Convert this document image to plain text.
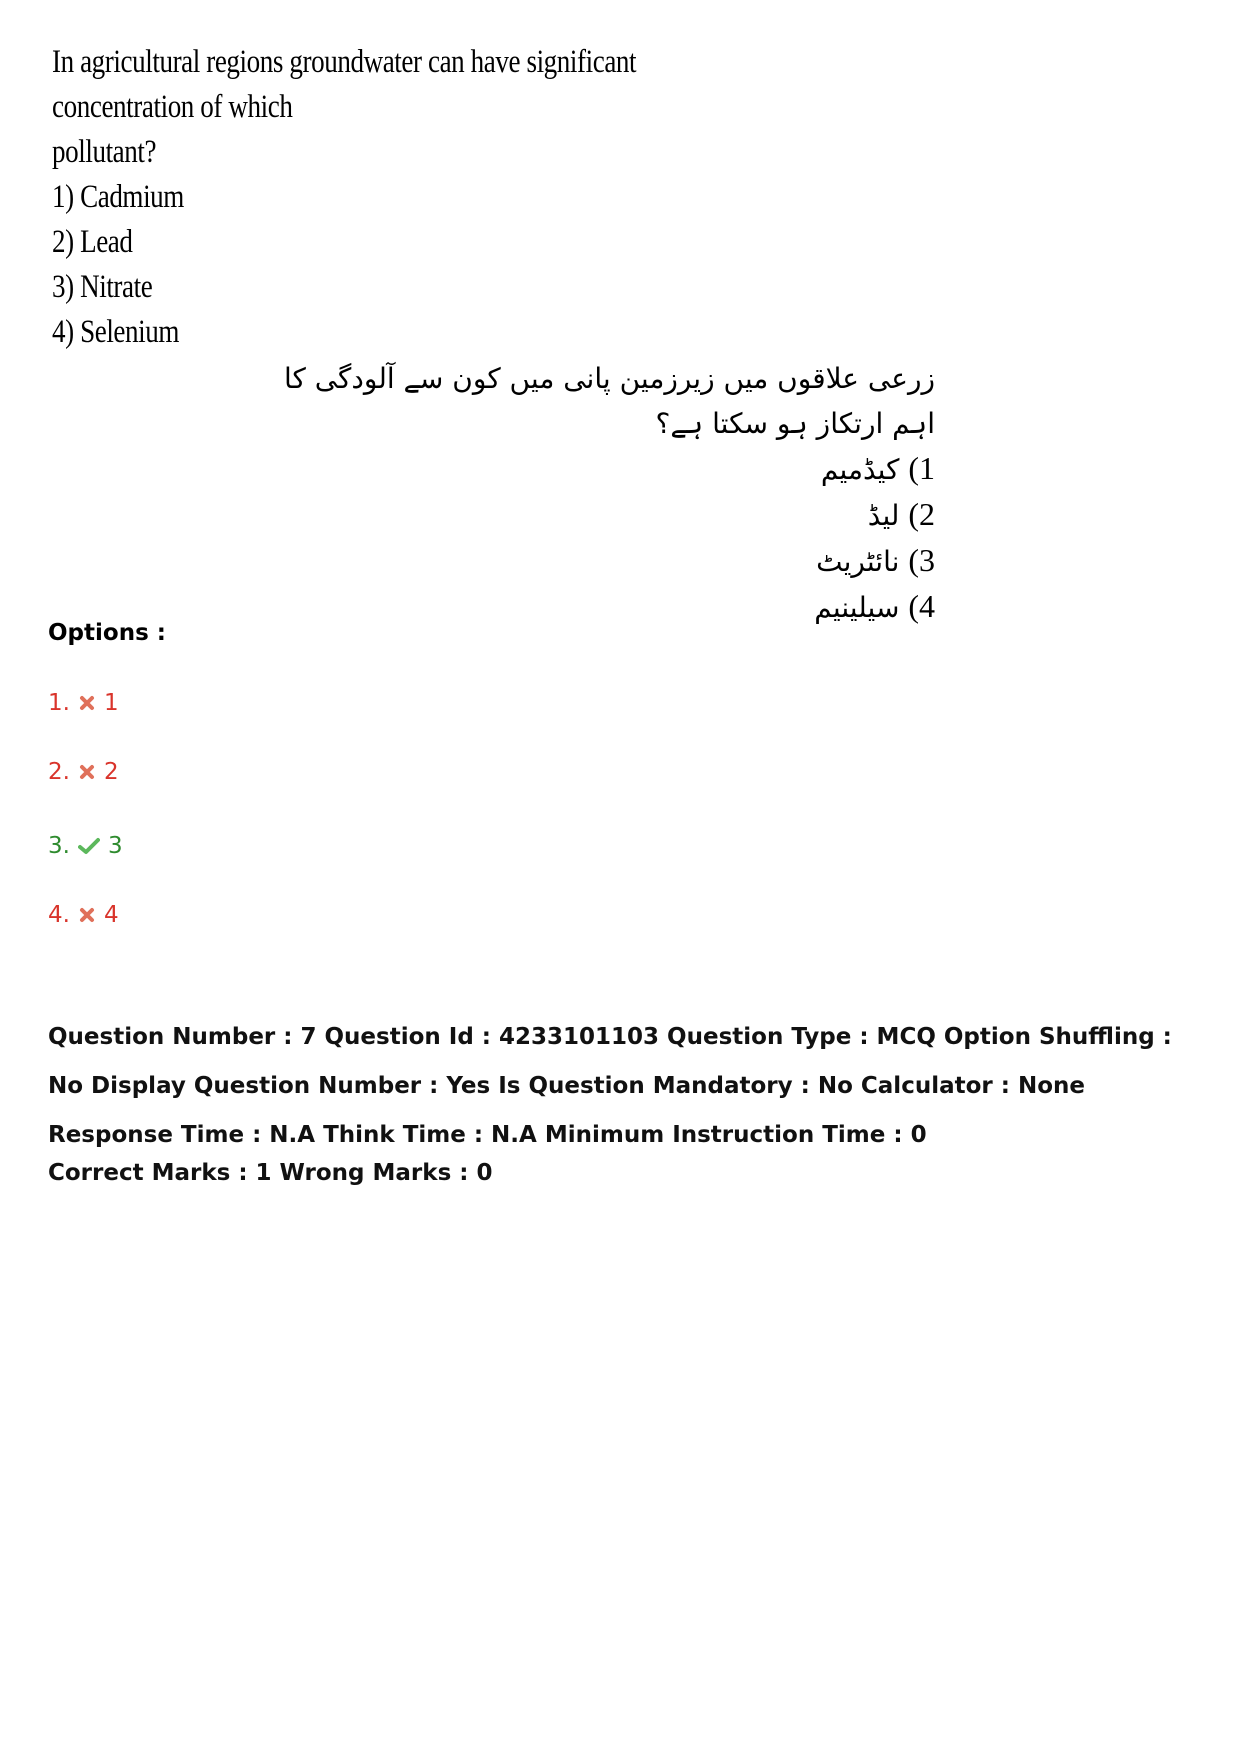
In agricultural regions groundwater can have significant concentration of which

pollutant?

1) Cadmium

2) Lead

3) Nitrate

4) Selenium

زرعی علاقوں میں زیرزمین پانی میں کون سے آلودگی کا اہم ارتکاز ہو سکتا ہے؟

1) کیڈمیم

2) لیڈ

3) نائٹریٹ

4) سیلینیم

Options :
1. 1
2. 2
3. 3
4. 4
Question Number : 7 Question Id : 4233101103 Question Type : MCQ Option Shuffling : No Display Question Number : Yes Is Question Mandatory : No Calculator : None Response Time : N.A Think Time : N.A Minimum Instruction Time : 0
Correct Marks : 1 Wrong Marks : 0
